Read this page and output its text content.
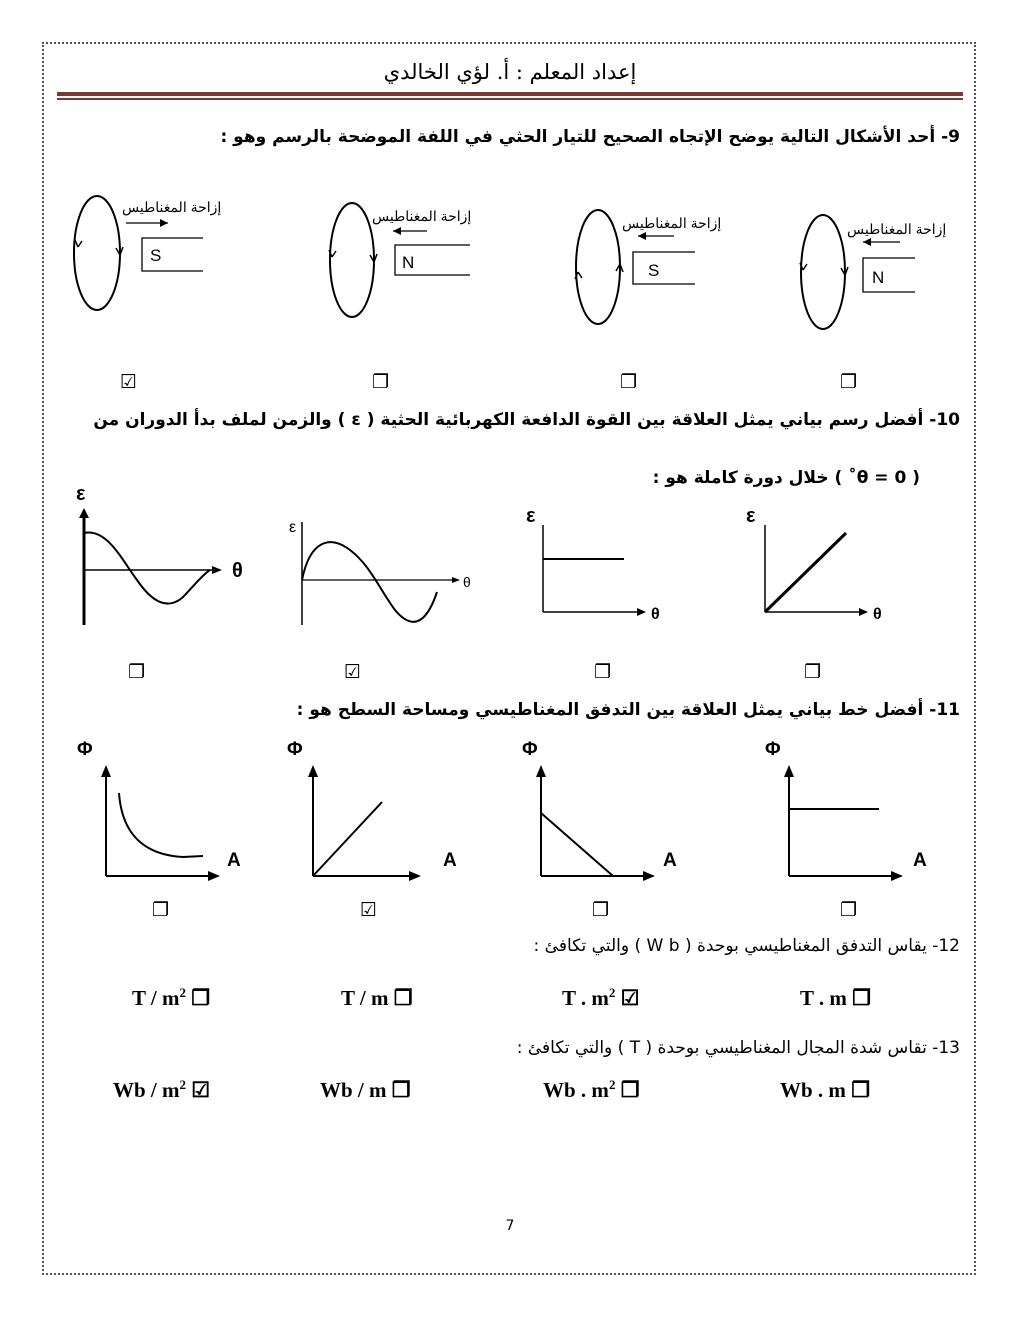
إعداد المعلم : أ. لؤي الخالدي
9- أحد الأشكال التالية يوضح الإتجاه الصحيح للتيار الحثي في اللفة الموضحة بالرسم وهو :
إزاحة المغناطيس
S
☑
إزاحة المغناطيس
N
❐
إزاحة المغناطيس
S
❐
إزاحة المغناطيس
N
❐
10- أفضل رسم بياني يمثل العلاقة بين القوة الدافعة الكهربائية الحثية ( ε ) والزمن لملف بدأ الدوران من
( θ = 0˚ ) خلال دورة كاملة هو :
ε
θ
❐
ε
θ
☑
ε
θ
❐
ε
θ
❐
11- أفضل خط بياني يمثل العلاقة بين التدفق المغناطيسي ومساحة السطح هو :
Φ
A
❐
Φ
A
☑
Φ
A
❐
Φ
A
❐
12- يقاس التدفق المغناطيسي بوحدة ( W b ) والتي تكافئ :
T / $m^2$ ❐	T / m ❐	T . $m^2$ ☑	T . m ❐
13- تقاس شدة المجال المغناطيسي بوحدة ( T ) والتي تكافئ :
Wb / $m^2$ ☑	Wb / m ❐	Wb . $m^2$ ❐	Wb . m ❐
7
